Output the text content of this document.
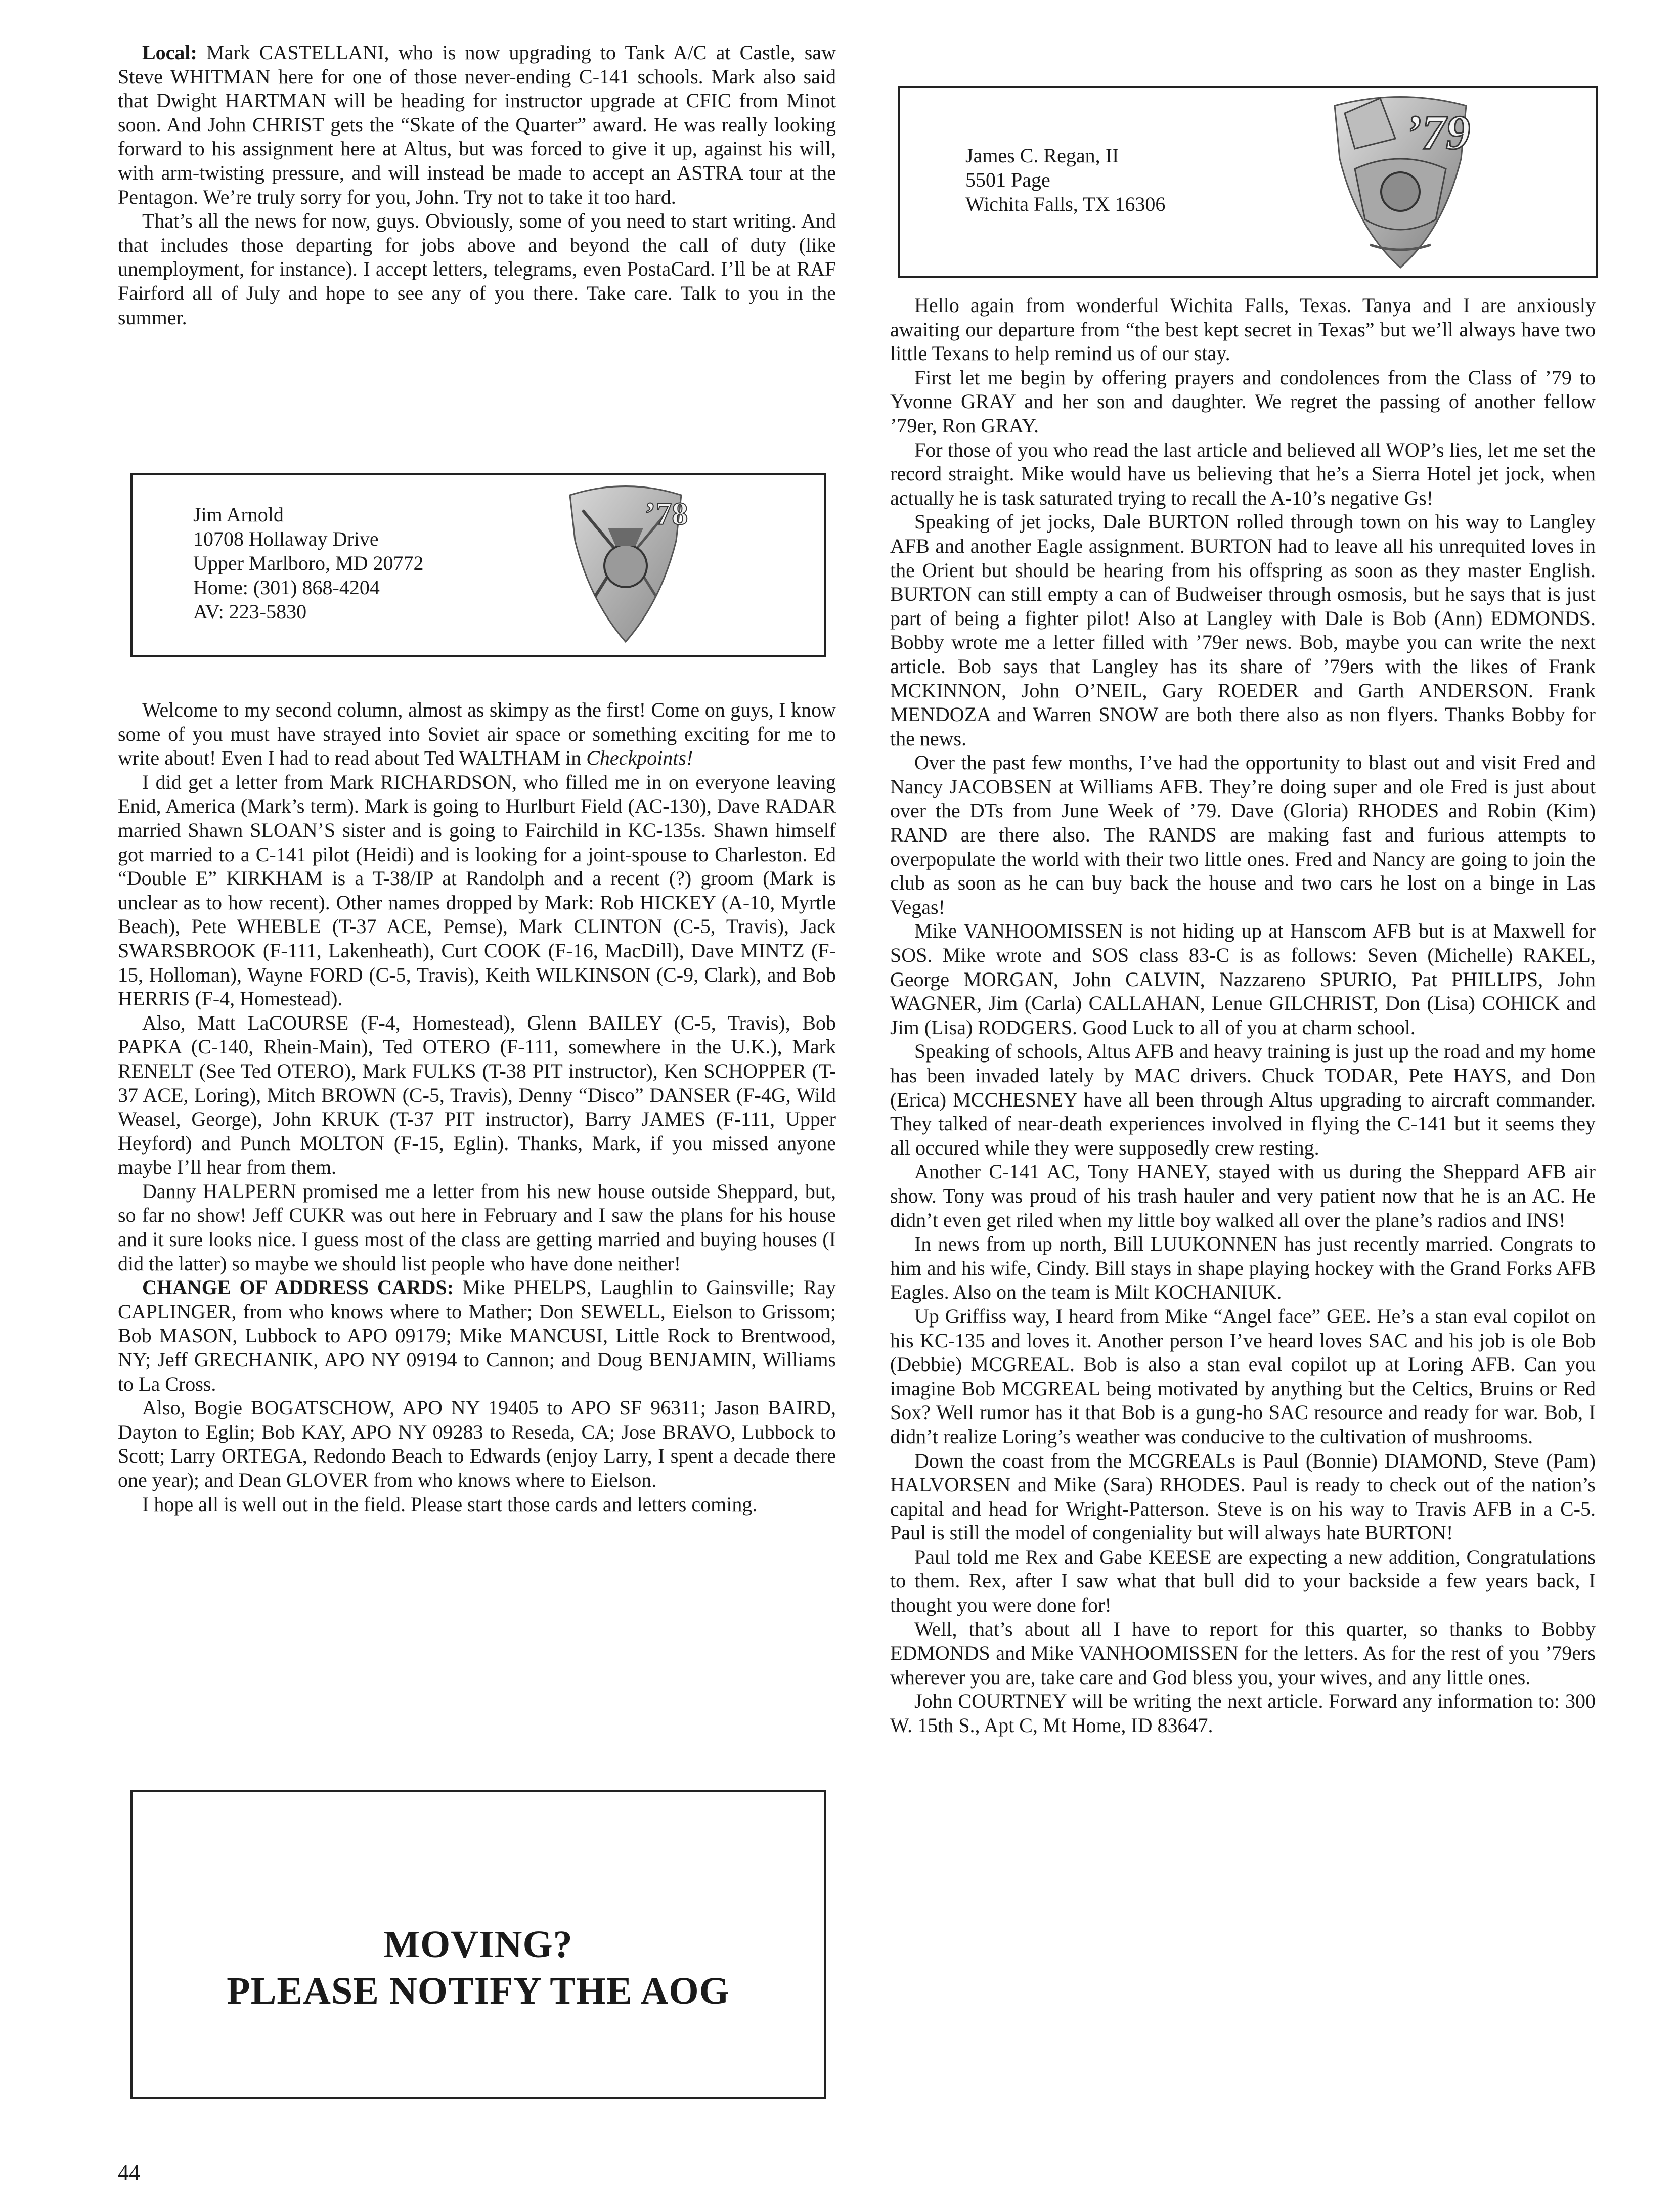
Local: Mark CASTELLANI, who is now upgrading to Tank A/C at Castle, saw Steve WHITMAN here for one of those never-ending C-141 schools. Mark also said that Dwight HARTMAN will be heading for instructor upgrade at CFIC from Minot soon. And John CHRIST gets the “Skate of the Quarter” award. He was really looking forward to his assignment here at Altus, but was forced to give it up, against his will, with arm-twisting pressure, and will instead be made to accept an ASTRA tour at the Pentagon. We’re truly sorry for you, John. Try not to take it too hard.

That’s all the news for now, guys. Obviously, some of you need to start writing. And that includes those departing for jobs above and beyond the call of duty (like unemployment, for instance). I accept letters, telegrams, even PostaCard. I’ll be at RAF Fairford all of July and hope to see any of you there. Take care. Talk to you in the summer.

Jim Arnold
10708 Hollaway Drive
Upper Marlboro, MD 20772
Home: (301) 868-4204
AV: 223-5830
’78

Welcome to my second column, almost as skimpy as the first! Come on guys, I know some of you must have strayed into Soviet air space or something exciting for me to write about! Even I had to read about Ted WALTHAM in Checkpoints!

I did get a letter from Mark RICHARDSON, who filled me in on everyone leaving Enid, America (Mark’s term). Mark is going to Hurlburt Field (AC-130), Dave RADAR married Shawn SLOAN’S sister and is going to Fairchild in KC-135s. Shawn himself got married to a C-141 pilot (Heidi) and is looking for a joint-spouse to Charleston. Ed “Double E” KIRKHAM is a T-38/IP at Randolph and a recent (?) groom (Mark is unclear as to how recent). Other names dropped by Mark: Rob HICKEY (A-10, Myrtle Beach), Pete WHEBLE (T-37 ACE, Pemse), Mark CLINTON (C-5, Travis), Jack SWARSBROOK (F-111, Lakenheath), Curt COOK (F-16, MacDill), Dave MINTZ (F-15, Holloman), Wayne FORD (C-5, Travis), Keith WILKINSON (C-9, Clark), and Bob HERRIS (F-4, Homestead).

Also, Matt LaCOURSE (F-4, Homestead), Glenn BAILEY (C-5, Travis), Bob PAPKA (C-140, Rhein-Main), Ted OTERO (F-111, somewhere in the U.K.), Mark RENELT (See Ted OTERO), Mark FULKS (T-38 PIT instructor), Ken SCHOPPER (T-37 ACE, Loring), Mitch BROWN (C-5, Travis), Denny “Disco” DANSER (F-4G, Wild Weasel, George), John KRUK (T-37 PIT instructor), Barry JAMES (F-111, Upper Heyford) and Punch MOLTON (F-15, Eglin). Thanks, Mark, if you missed anyone maybe I’ll hear from them.

Danny HALPERN promised me a letter from his new house outside Sheppard, but, so far no show! Jeff CUKR was out here in February and I saw the plans for his house and it sure looks nice. I guess most of the class are getting married and buying houses (I did the latter) so maybe we should list people who have done neither!

CHANGE OF ADDRESS CARDS: Mike PHELPS, Laughlin to Gainsville; Ray CAPLINGER, from who knows where to Mather; Don SEWELL, Eielson to Grissom; Bob MASON, Lubbock to APO 09179; Mike MANCUSI, Little Rock to Brentwood, NY; Jeff GRECHANIK, APO NY 09194 to Cannon; and Doug BENJAMIN, Williams to La Cross.

Also, Bogie BOGATSCHOW, APO NY 19405 to APO SF 96311; Jason BAIRD, Dayton to Eglin; Bob KAY, APO NY 09283 to Reseda, CA; Jose BRAVO, Lubbock to Scott; Larry ORTEGA, Redondo Beach to Edwards (enjoy Larry, I spent a decade there one year); and Dean GLOVER from who knows where to Eielson.

I hope all is well out in the field. Please start those cards and letters coming.

MOVING?
PLEASE NOTIFY THE AOG
James C. Regan, II
5501 Page
Wichita Falls, TX 16306
’79

Hello again from wonderful Wichita Falls, Texas. Tanya and I are anxiously awaiting our departure from “the best kept secret in Texas” but we’ll always have two little Texans to help remind us of our stay.

First let me begin by offering prayers and condolences from the Class of ’79 to Yvonne GRAY and her son and daughter. We regret the passing of another fellow ’79er, Ron GRAY.

For those of you who read the last article and believed all WOP’s lies, let me set the record straight. Mike would have us believing that he’s a Sierra Hotel jet jock, when actually he is task saturated trying to recall the A-10’s negative Gs!

Speaking of jet jocks, Dale BURTON rolled through town on his way to Langley AFB and another Eagle assignment. BURTON had to leave all his unrequited loves in the Orient but should be hearing from his offspring as soon as they master English. BURTON can still empty a can of Budweiser through osmosis, but he says that is just part of being a fighter pilot! Also at Langley with Dale is Bob (Ann) EDMONDS. Bobby wrote me a letter filled with ’79er news. Bob, maybe you can write the next article. Bob says that Langley has its share of ’79ers with the likes of Frank MCKINNON, John O’NEIL, Gary ROEDER and Garth ANDERSON. Frank MENDOZA and Warren SNOW are both there also as non flyers. Thanks Bobby for the news.

Over the past few months, I’ve had the opportunity to blast out and visit Fred and Nancy JACOBSEN at Williams AFB. They’re doing super and ole Fred is just about over the DTs from June Week of ’79. Dave (Gloria) RHODES and Robin (Kim) RAND are there also. The RANDS are making fast and furious attempts to overpopulate the world with their two little ones. Fred and Nancy are going to join the club as soon as he can buy back the house and two cars he lost on a binge in Las Vegas!

Mike VANHOOMISSEN is not hiding up at Hanscom AFB but is at Maxwell for SOS. Mike wrote and SOS class 83-C is as follows: Seven (Michelle) RAKEL, George MORGAN, John CALVIN, Nazzareno SPURIO, Pat PHILLIPS, John WAGNER, Jim (Carla) CALLAHAN, Lenue GILCHRIST, Don (Lisa) COHICK and Jim (Lisa) RODGERS. Good Luck to all of you at charm school.

Speaking of schools, Altus AFB and heavy training is just up the road and my home has been invaded lately by MAC drivers. Chuck TODAR, Pete HAYS, and Don (Erica) MCCHESNEY have all been through Altus upgrading to aircraft commander. They talked of near-death experiences involved in flying the C-141 but it seems they all occured while they were supposedly crew resting.

Another C-141 AC, Tony HANEY, stayed with us during the Sheppard AFB air show. Tony was proud of his trash hauler and very patient now that he is an AC. He didn’t even get riled when my little boy walked all over the plane’s radios and INS!

In news from up north, Bill LUUKONNEN has just recently married. Congrats to him and his wife, Cindy. Bill stays in shape playing hockey with the Grand Forks AFB Eagles. Also on the team is Milt KOCHANIUK.

Up Griffiss way, I heard from Mike “Angel face” GEE. He’s a stan eval copilot on his KC-135 and loves it. Another person I’ve heard loves SAC and his job is ole Bob (Debbie) MCGREAL. Bob is also a stan eval copilot up at Loring AFB. Can you imagine Bob MCGREAL being motivated by anything but the Celtics, Bruins or Red Sox? Well rumor has it that Bob is a gung-ho SAC resource and ready for war. Bob, I didn’t realize Loring’s weather was conducive to the cultivation of mushrooms.

Down the coast from the MCGREALs is Paul (Bonnie) DIAMOND, Steve (Pam) HALVORSEN and Mike (Sara) RHODES. Paul is ready to check out of the nation’s capital and head for Wright-Patterson. Steve is on his way to Travis AFB in a C-5. Paul is still the model of congeniality but will always hate BURTON!

Paul told me Rex and Gabe KEESE are expecting a new addition, Congratulations to them. Rex, after I saw what that bull did to your backside a few years back, I thought you were done for!

Well, that’s about all I have to report for this quarter, so thanks to Bobby EDMONDS and Mike VANHOOMISSEN for the letters. As for the rest of you ’79ers wherever you are, take care and God bless you, your wives, and any little ones.

John COURTNEY will be writing the next article. Forward any information to: 300 W. 15th S., Apt C, Mt Home, ID 83647.

44
